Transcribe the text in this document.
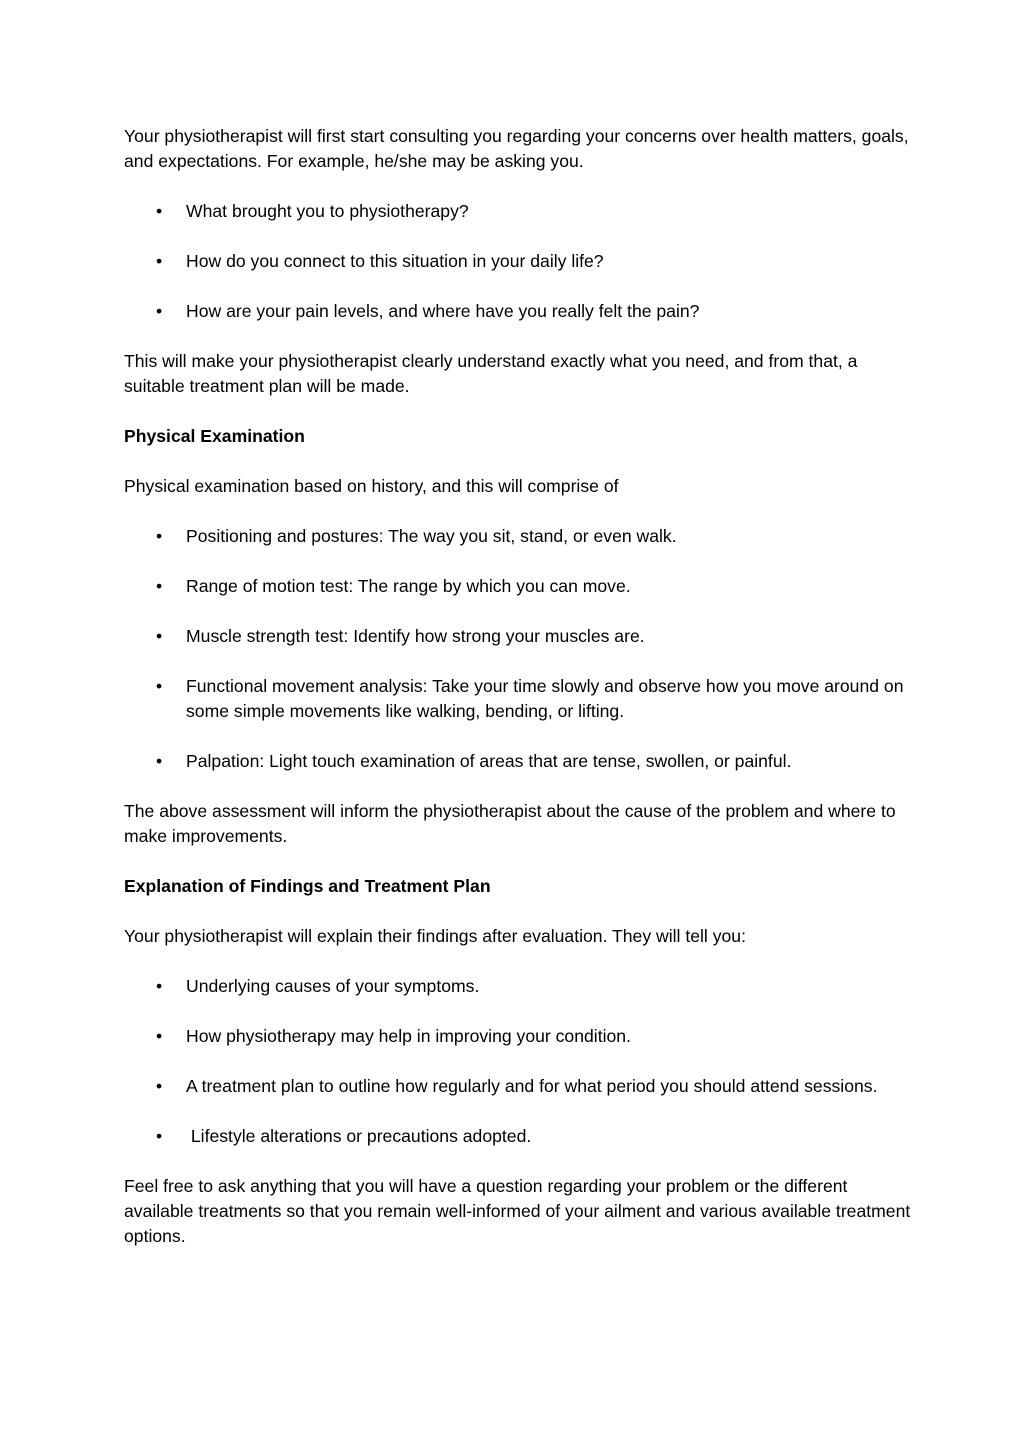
Your physiotherapist will first start consulting you regarding your concerns over health matters, goals, and expectations. For example, he/she may be asking you.

• What brought you to physiotherapy?
• How do you connect to this situation in your daily life?
• How are your pain levels, and where have you really felt the pain?

This will make your physiotherapist clearly understand exactly what you need, and from that, a suitable treatment plan will be made.

Physical Examination

Physical examination based on history, and this will comprise of

• Positioning and postures: The way you sit, stand, or even walk.
• Range of motion test: The range by which you can move.
• Muscle strength test: Identify how strong your muscles are.
• Functional movement analysis: Take your time slowly and observe how you move around on some simple movements like walking, bending, or lifting.
• Palpation: Light touch examination of areas that are tense, swollen, or painful.

The above assessment will inform the physiotherapist about the cause of the problem and where to make improvements.

Explanation of Findings and Treatment Plan

Your physiotherapist will explain their findings after evaluation. They will tell you:

• Underlying causes of your symptoms.
• How physiotherapy may help in improving your condition.
• A treatment plan to outline how regularly and for what period you should attend sessions.
• Lifestyle alterations or precautions adopted.

Feel free to ask anything that you will have a question regarding your problem or the different available treatments so that you remain well-informed of your ailment and various available treatment options.
